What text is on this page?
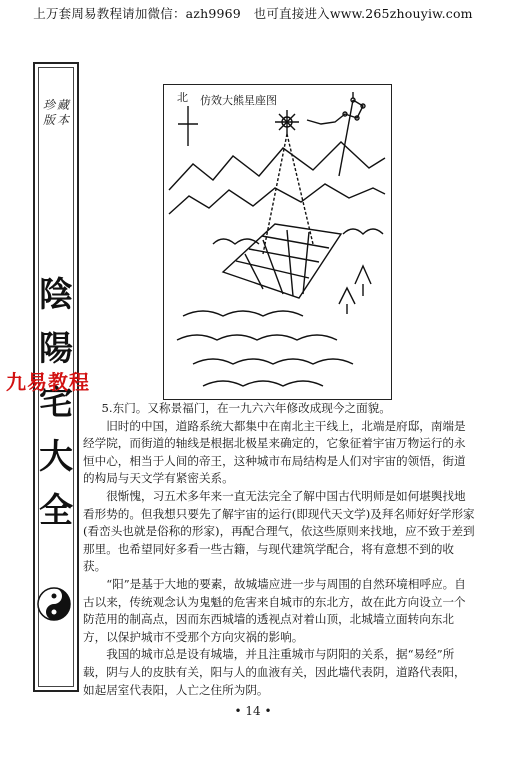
上万套周易教程请加微信：azh9969　也可直接进入www.265zhouyiw.com
珍 藏
版 本
陰
陽
宅
大
全
九易教程
北 仿效大熊星座图

5.东门。又称景福门，在一九六六年修改成现今之面貌。

旧时的中国，道路系统大都集中在南北主干线上，北端是府邸，南端是经学院，而街道的轴线是根据北极星来确定的，它象征着宇宙万物运行的永恒中心，相当于人间的帝王，这种城市布局结构是人们对宇宙的领悟，街道的构局与天文学有紧密关系。

很惭愧，习五术多年来一直无法完全了解中国古代明师是如何堪舆找地看形势的。但我想只要先了解宇宙的运行(即现代天文学)及拜名师好好学形家(看峦头也就是俗称的形家)，再配合理气，依这些原则来找地，应不致于差到那里。也希望同好多看一些古籍，与现代建筑学配合，将有意想不到的收获。

“阳”是基于大地的要素，故城墙应进一步与周围的自然环境相呼应。自古以来，传统观念认为鬼魁的危害来自城市的东北方，故在此方向设立一个防范用的制高点，因而东西城墙的透视点对着山顶，北城墙立面转向东北方，以保护城市不受那个方向灾祸的影响。

我国的城市总是设有城墙，并且注重城市与阴阳的关系，据“易经”所载，阴与人的皮肤有关，阳与人的血液有关，因此墙代表阴，道路代表阳，如起居室代表阳，人亡之住所为阴。

• 14 •
